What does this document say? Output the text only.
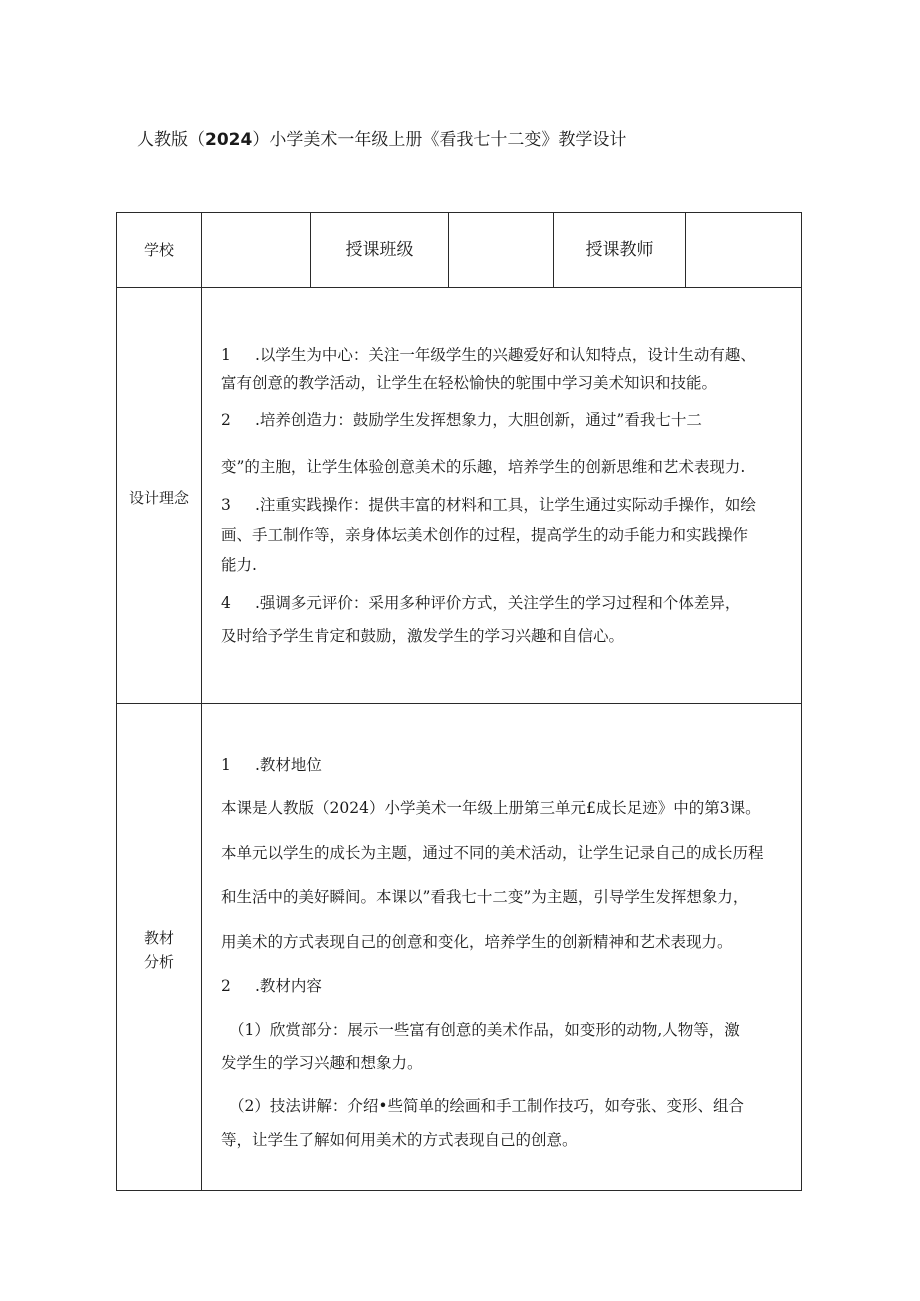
人教版（2024）小学美术一年级上册《看我七十二变》教学设计
学校	授课班级	授课教师
设计理念

1 .以学生为中心：关注一年级学生的兴趣爱好和认知特点，设计生动有趣、

富有创意的教学活动，让学生在轻松愉快的鸵围中学习美术知识和技能。

2 .培养创造力：鼓励学生发挥想象力，大胆创新，通过”看我七十二

变”的主胞，让学生体验创意美术的乐趣，培养学生的创新思维和艺术表现力.

3 .注重实践操作：提供丰富的材料和工具，让学生通过实际动手操作，如绘

画、手工制作等，亲身体坛美术创作的过程，提高学生的动手能力和实践操作

能力.

4 .强调多元评价：采用多种评价方式，关注学生的学习过程和个体差异，

及时给予学生肯定和鼓励，激发学生的学习兴趣和自信心。

教材
分析

1 .教材地位

本课是人教版（2024）小学美术一年级上册第三单元£成长足迹》中的第3课。

本单元以学生的成长为主题，通过不同的美术活动，让学生记录自己的成长历程

和生活中的美好瞬间。本课以”看我七十二变”为主题，引导学生发挥想象力，

用美术的方式表现自己的创意和变化，培养学生的创新精神和艺术表现力。

2 .教材内容

（1）欣赏部分：展示一些富有创意的美术作品，如变形的动物,人物等，激

发学生的学习兴趣和想象力。

（2）技法讲解：介绍•些简单的绘画和手工制作技巧，如夸张、变形、组合

等，让学生了解如何用美术的方式表现自己的创意。
